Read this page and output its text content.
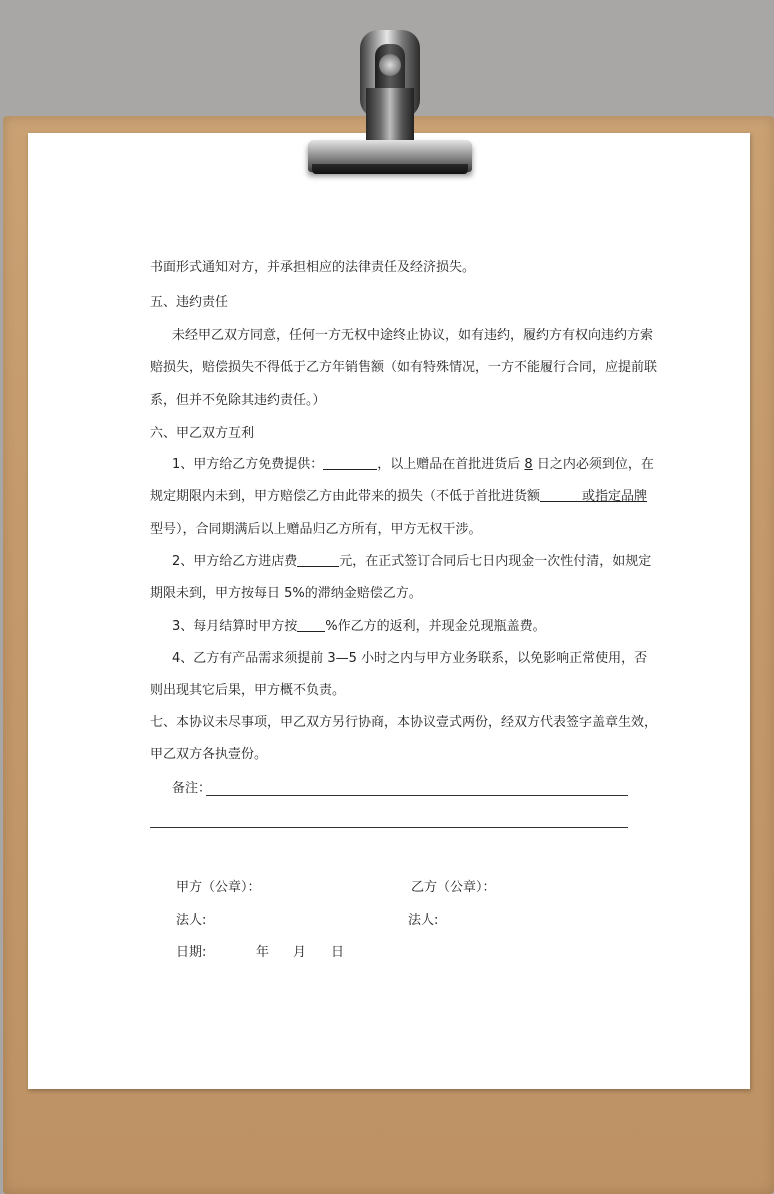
书面形式通知对方，并承担相应的法律责任及经济损失。
五、违约责任
未经甲乙双方同意，任何一方无权中途终止协议，如有违约，履约方有权向违约方索
赔损失，赔偿损失不得低于乙方年销售额（如有特殊情况，一方不能履行合同，应提前联
系，但并不免除其违约责任。）
六、甲乙双方互利
1、甲方给乙方免费提供：	，以上赠品在首批进货后 8 日之内必须到位，在
规定期限内未到，甲方赔偿乙方由此带来的损失（不低于首批进货额	或指定品牌
型号），合同期满后以上赠品归乙方所有，甲方无权干涉。
2、甲方给乙方进店费	元，在正式签订合同后七日内现金一次性付清，如规定
期限未到，甲方按每日 5%的滞纳金赔偿乙方。
3、每月结算时甲方按 %作乙方的返利，并现金兑现瓶盖费。
4、乙方有产品需求须提前 3—5 小时之内与甲方业务联系，以免影响正常使用，否
则出现其它后果，甲方概不负责。
七、本协议未尽事项，甲乙双方另行协商，本协议壹式两份，经双方代表签字盖章生效，
甲乙双方各执壹份。
备注：
甲方（公章）：	乙方（公章）：
法人:	法人:
日期:	年 月 日
